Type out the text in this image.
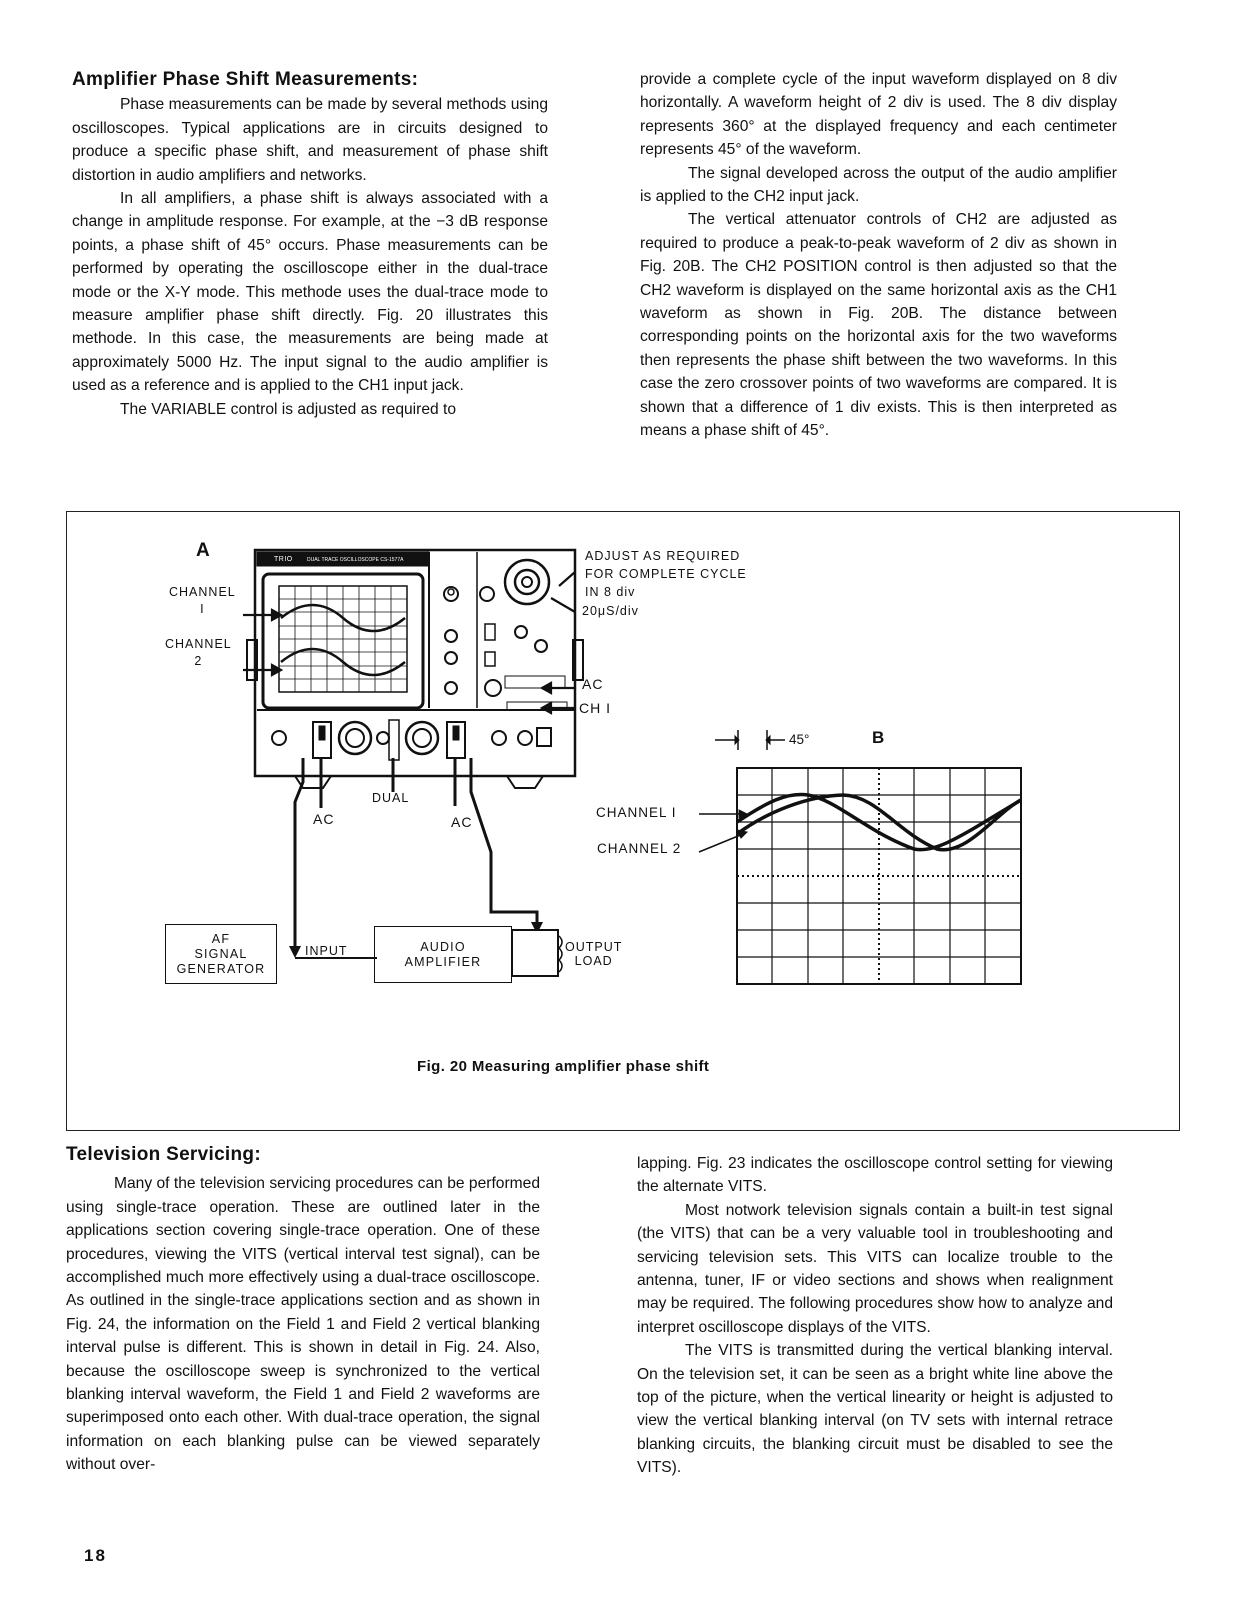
Amplifier Phase Shift Measurements:

Phase measurements can be made by several methods using oscilloscopes. Typical applications are in circuits designed to produce a specific phase shift, and measurement of phase shift distortion in audio amplifiers and networks.

In all amplifiers, a phase shift is always associated with a change in amplitude response. For example, at the −3 dB response points, a phase shift of 45° occurs. Phase measurements can be performed by operating the oscilloscope either in the dual-trace mode or the X-Y mode. This methode uses the dual-trace mode to measure amplifier phase shift directly. Fig. 20 illustrates this methode. In this case, the measurements are being made at approximately 5000 Hz. The input signal to the audio amplifier is used as a reference and is applied to the CH1 input jack.

The VARIABLE control is adjusted as required to

provide a complete cycle of the input waveform displayed on 8 div horizontally. A waveform height of 2 div is used. The 8 div display represents 360° at the displayed frequency and each centimeter represents 45° of the waveform.

The signal developed across the output of the audio amplifier is applied to the CH2 input jack.

The vertical attenuator controls of CH2 are adjusted as required to produce a peak-to-peak waveform of 2 div as shown in Fig. 20B. The CH2 POSITION control is then adjusted so that the CH2 waveform is displayed on the same horizontal axis as the CH1 waveform as shown in Fig. 20B. The distance between corresponding points on the horizontal axis for the two waveforms then represents the phase shift between the two waveforms. In this case the zero crossover points of two waveforms are compared. It is shown that a difference of 1 div exists. This is then interpreted as means a phase shift of 45°.

A
CHANNEL
I
CHANNEL
2
TRIO	DUAL TRACE OSCILLOSCOPE CS-1577A	ADJUST AS REQUIRED
FOR COMPLETE CYCLE
IN 8 div
20μS/div
AC
CH I
DUAL
AC	AC
AF
SIGNAL
GENERATOR
INPUT	AUDIO
AMPLIFIER
OUTPUT
LOAD
CHANNEL I
CHANNEL 2
45°	B
Fig. 20 Measuring amplifier phase shift
Television Servicing:

Many of the television servicing procedures can be performed using single-trace operation. These are outlined later in the applications section covering single-trace operation. One of these procedures, viewing the VITS (vertical interval test signal), can be accomplished much more effectively using a dual-trace oscilloscope. As outlined in the single-trace applications section and as shown in Fig. 24, the information on the Field 1 and Field 2 vertical blanking interval pulse is different. This is shown in detail in Fig. 24. Also, because the oscilloscope sweep is synchronized to the vertical blanking interval waveform, the Field 1 and Field 2 waveforms are superimposed onto each other. With dual-trace operation, the signal information on each blanking pulse can be viewed separately without over-

lapping. Fig. 23 indicates the oscilloscope control setting for viewing the alternate VITS.

Most notwork television signals contain a built-in test signal (the VITS) that can be a very valuable tool in troubleshooting and servicing television sets. This VITS can localize trouble to the antenna, tuner, IF or video sections and shows when realignment may be required. The following procedures show how to analyze and interpret oscilloscope displays of the VITS.

The VITS is transmitted during the vertical blanking interval. On the television set, it can be seen as a bright white line above the top of the picture, when the vertical linearity or height is adjusted to view the vertical blanking interval (on TV sets with internal retrace blanking circuits, the blanking circuit must be disabled to see the VITS).

18
